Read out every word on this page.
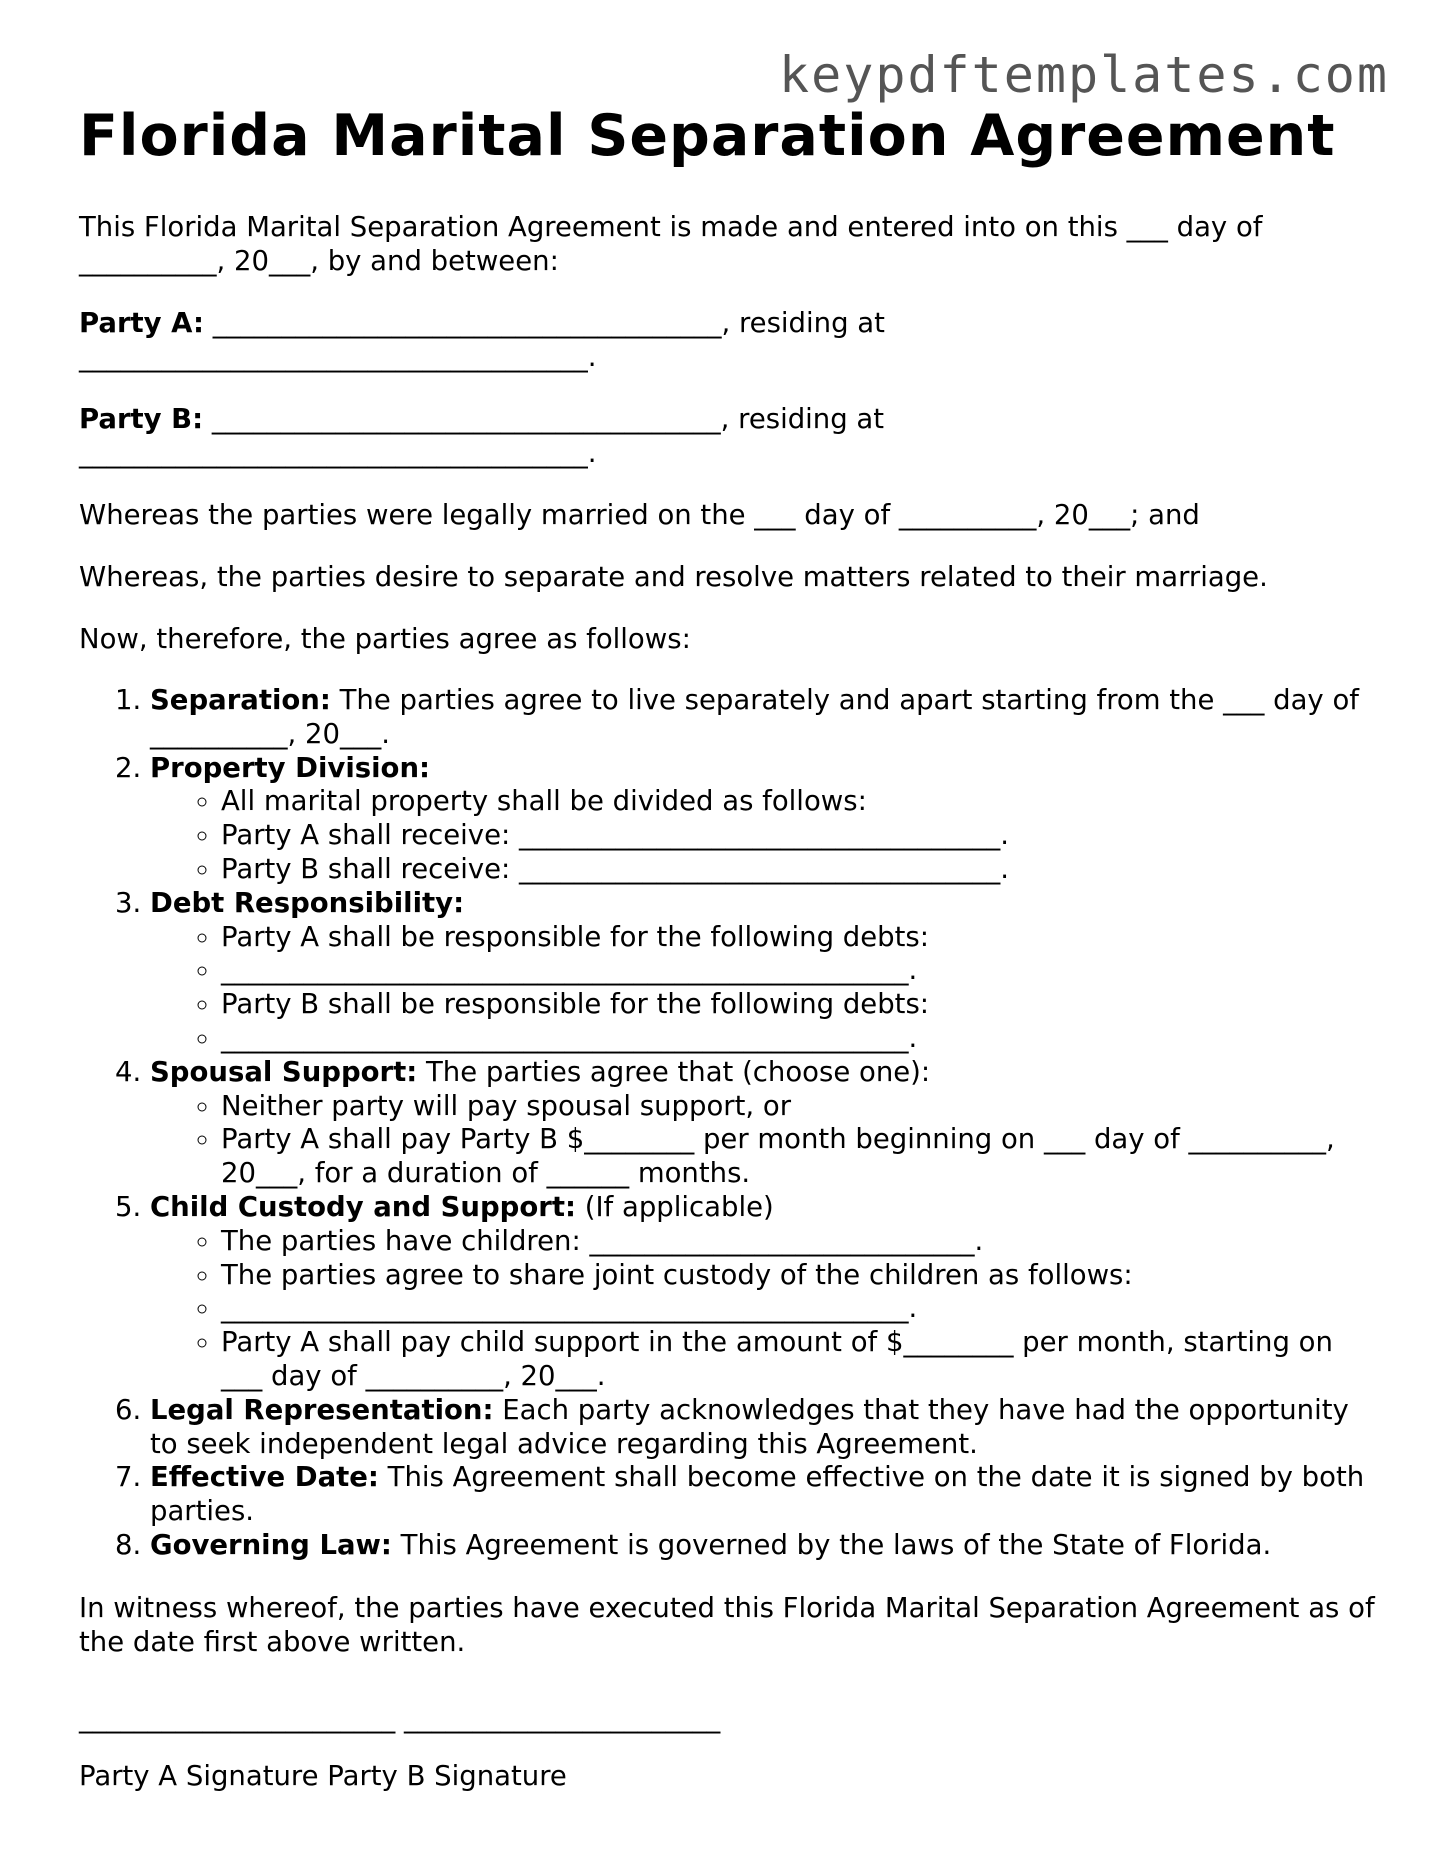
keypdftemplates.com
Florida Marital Separation Agreement

This Florida Marital Separation Agreement is made and entered into on this ___ day of __________, 20___, by and between:

Party A: _____________________________________, residing at _____________________________________.

Party B: _____________________________________, residing at _____________________________________.

Whereas the parties were legally married on the ___ day of __________, 20___; and

Whereas, the parties desire to separate and resolve matters related to their marriage.

Now, therefore, the parties agree as follows:

1. Separation: The parties agree to live separately and apart starting from the ___ day of __________, 20___.
2. Property Division:
◦ All marital property shall be divided as follows:
◦ Party A shall receive: ___________________________________.
◦ Party B shall receive: ___________________________________.
3. Debt Responsibility:
◦ Party A shall be responsible for the following debts:
◦ __________________________________________________.
◦ Party B shall be responsible for the following debts:
◦ __________________________________________________.
4. Spousal Support: The parties agree that (choose one):
◦ Neither party will pay spousal support, or
◦ Party A shall pay Party B $________ per month beginning on ___ day of __________, 20___, for a duration of ______ months.
5. Child Custody and Support: (If applicable)
◦ The parties have children: ____________________________.
◦ The parties agree to share joint custody of the children as follows:
◦ __________________________________________________.
◦ Party A shall pay child support in the amount of $________ per month, starting on ___ day of __________, 20___.
6. Legal Representation: Each party acknowledges that they have had the opportunity to seek independent legal advice regarding this Agreement.
7. Effective Date: This Agreement shall become effective on the date it is signed by both parties.
8. Governing Law: This Agreement is governed by the laws of the State of Florida.

In witness whereof, the parties have executed this Florida Marital Separation Agreement as of the date first above written.

_______________________ _______________________

Party A Signature Party B Signature
